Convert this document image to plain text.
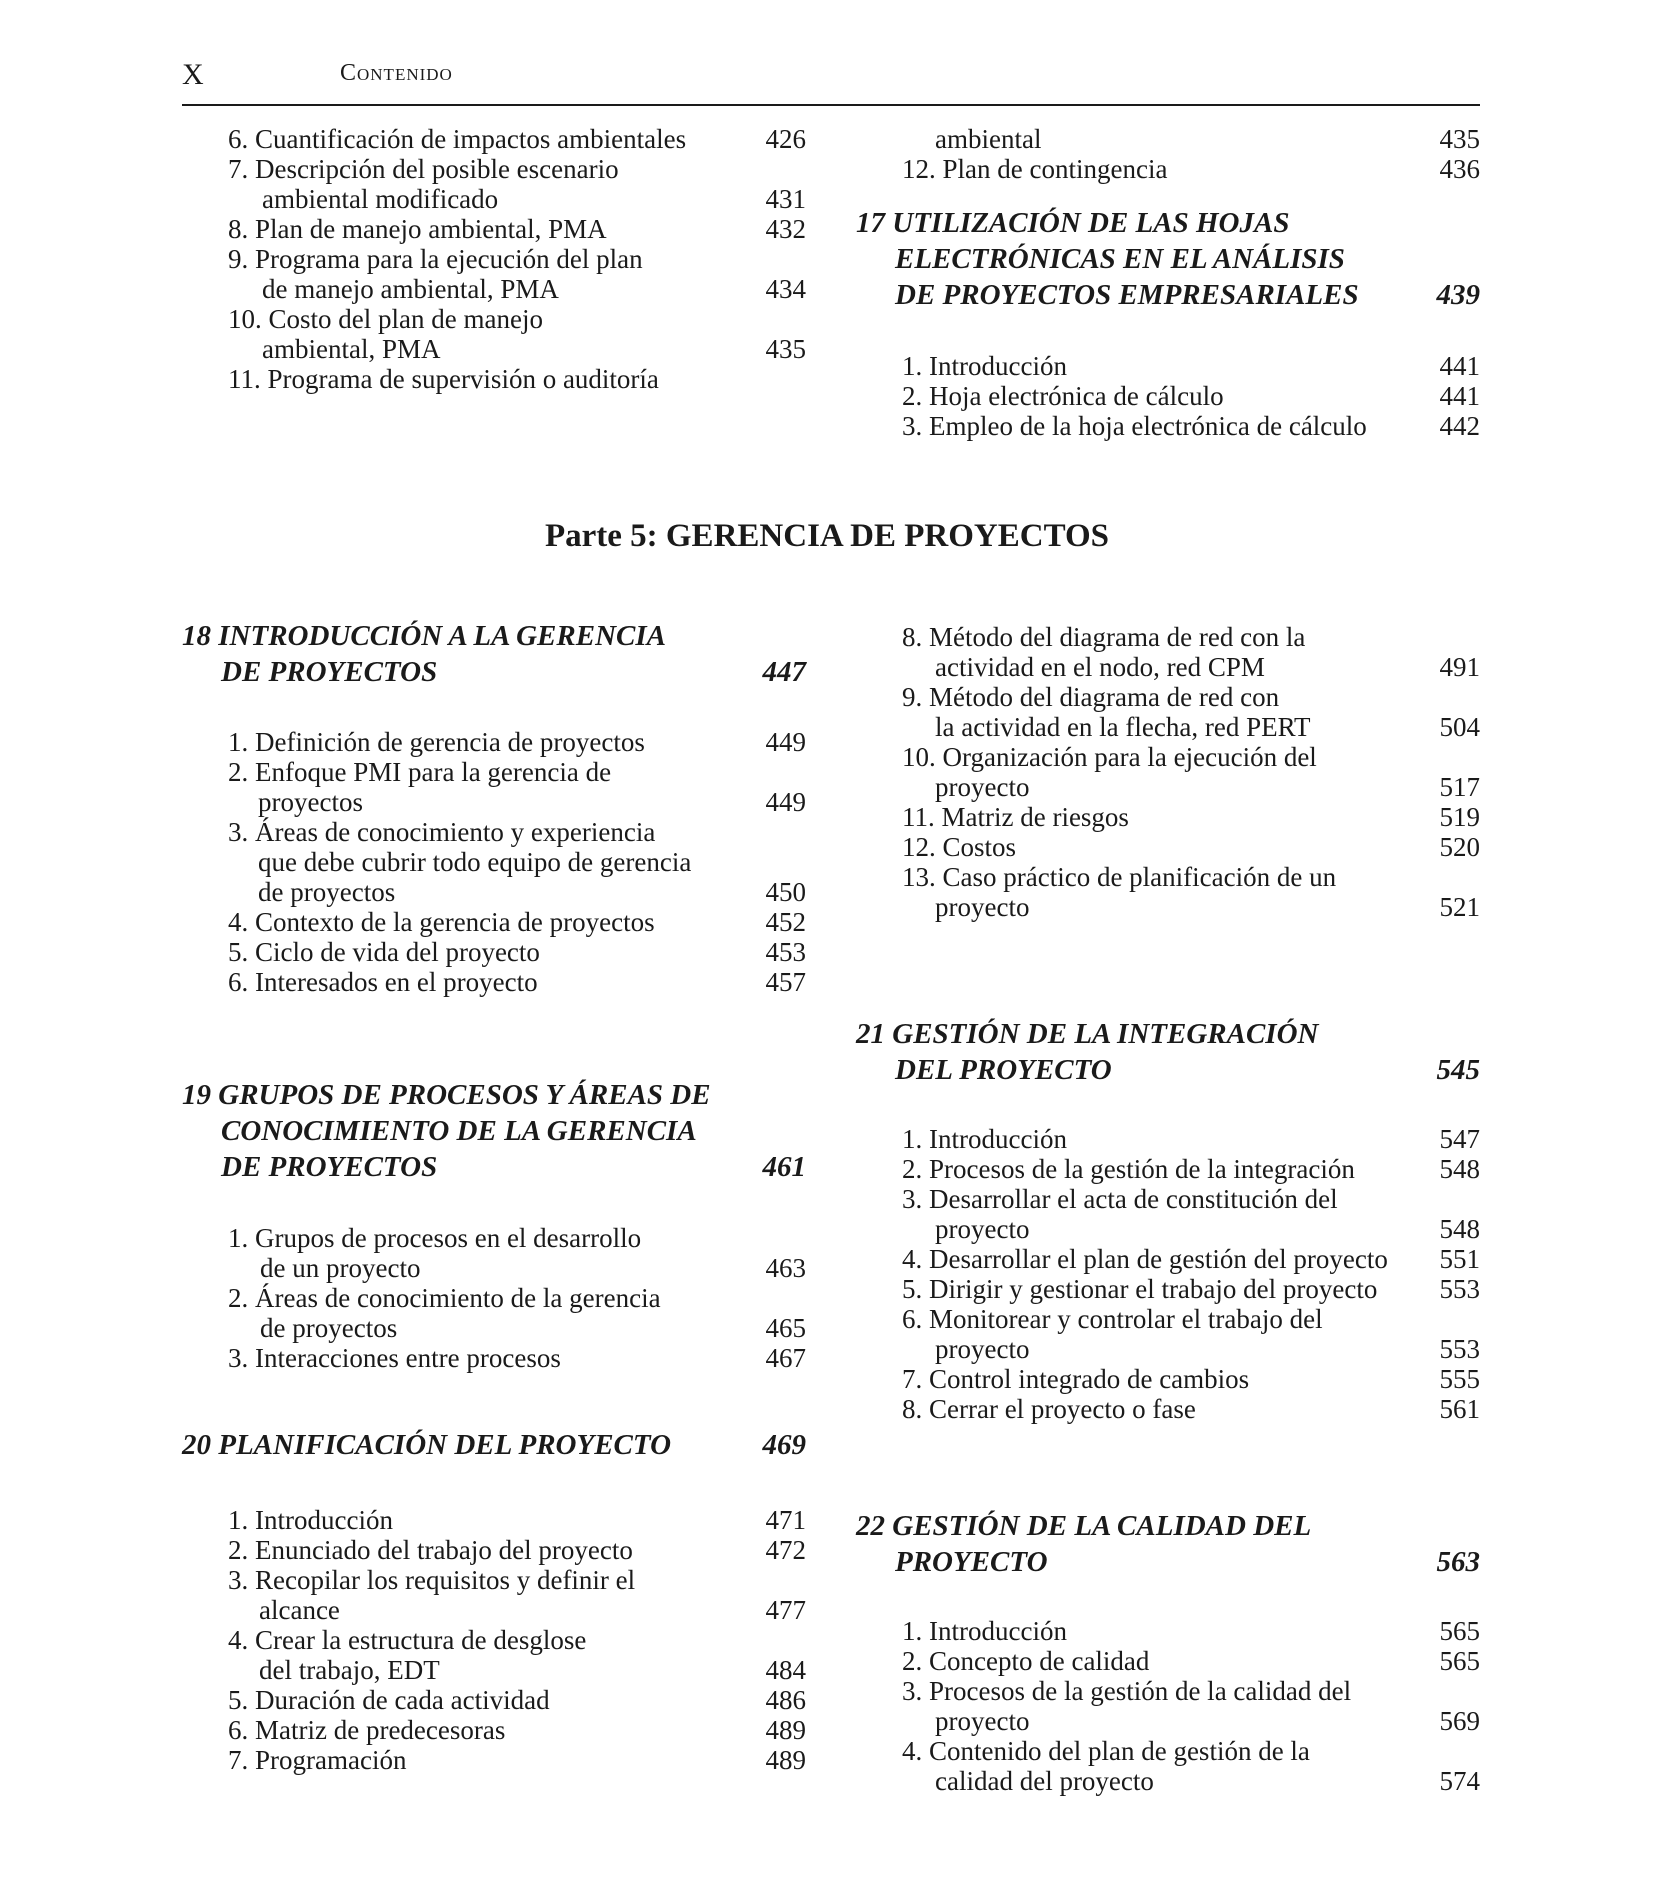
X	Contenido
6. Cuantificación de impactos ambientales	426
7. Descripción del posible escenario
ambiental modificado	431
8. Plan de manejo ambiental, PMA	432
9. Programa para la ejecución del plan
de manejo ambiental, PMA	434
10. Costo del plan de manejo
ambiental, PMA	435
11. Programa de supervisión o auditoría
ambiental	435
12. Plan de contingencia	436
17 UTILIZACIÓN DE LAS HOJAS
ELECTRÓNICAS EN EL ANÁLISIS
DE PROYECTOS EMPRESARIALES	439
1. Introducción	441
2. Hoja electrónica de cálculo	441
3. Empleo de la hoja electrónica de cálculo	442
18 INTRODUCCIÓN A LA GERENCIA
DE PROYECTOS	447
1. Definición de gerencia de proyectos	449
2. Enfoque PMI para la gerencia de
proyectos	449
3. Áreas de conocimiento y experiencia
que debe cubrir todo equipo de gerencia
de proyectos	450
4. Contexto de la gerencia de proyectos	452
5. Ciclo de vida del proyecto	453
6. Interesados en el proyecto	457
19 GRUPOS DE PROCESOS Y ÁREAS DE
CONOCIMIENTO DE LA GERENCIA
DE PROYECTOS	461
1. Grupos de procesos en el desarrollo
de un proyecto	463
2. Áreas de conocimiento de la gerencia
de proyectos	465
3. Interacciones entre procesos	467
20 PLANIFICACIÓN DEL PROYECTO	469
1. Introducción	471
2. Enunciado del trabajo del proyecto	472
3. Recopilar los requisitos y definir el
alcance	477
4. Crear la estructura de desglose
del trabajo, EDT	484
5. Duración de cada actividad	486
6. Matriz de predecesoras	489
7. Programación	489
8. Método del diagrama de red con la
actividad en el nodo, red CPM	491
9. Método del diagrama de red con
la actividad en la flecha, red PERT	504
10. Organización para la ejecución del
proyecto	517
11. Matriz de riesgos	519
12. Costos	520
13. Caso práctico de planificación de un
proyecto	521
21 GESTIÓN DE LA INTEGRACIÓN
DEL PROYECTO	545
1. Introducción	547
2. Procesos de la gestión de la integración	548
3. Desarrollar el acta de constitución del
proyecto	548
4. Desarrollar el plan de gestión del proyecto	551
5. Dirigir y gestionar el trabajo del proyecto	553
6. Monitorear y controlar el trabajo del
proyecto	553
7. Control integrado de cambios	555
8. Cerrar el proyecto o fase	561
22 GESTIÓN DE LA CALIDAD DEL
PROYECTO	563
1. Introducción	565
2. Concepto de calidad	565
3. Procesos de la gestión de la calidad del
proyecto	569
4. Contenido del plan de gestión de la
calidad del proyecto	574
Parte 5: GERENCIA DE PROYECTOS
